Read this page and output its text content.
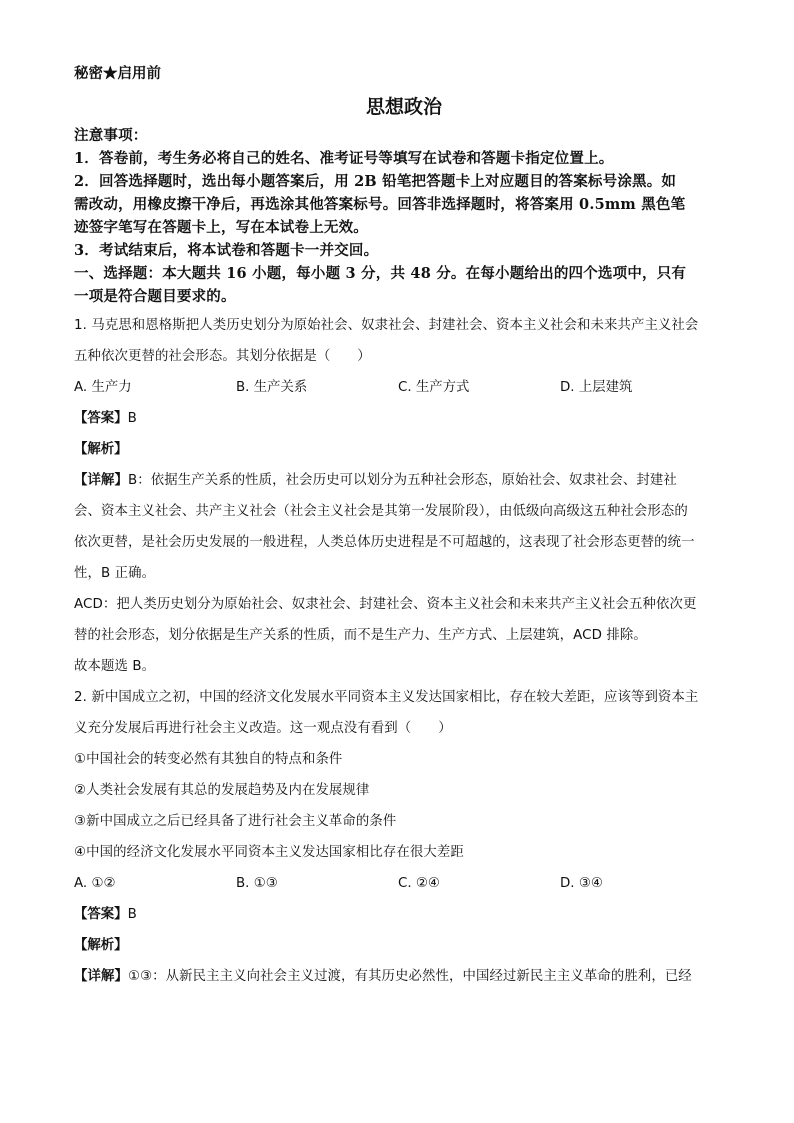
秘密★启用前
思想政治
注意事项：
1．答卷前，考生务必将自己的姓名、准考证号等填写在试卷和答题卡指定位置上。
2．回答选择题时，选出每小题答案后，用 2B 铅笔把答题卡上对应题目的答案标号涂黑。如
需改动，用橡皮擦干净后，再选涂其他答案标号。回答非选择题时，将答案用 0.5mm 黑色笔
迹签字笔写在答题卡上，写在本试卷上无效。
3．考试结束后，将本试卷和答题卡一并交回。
一、选择题：本大题共 16 小题，每小题 3 分，共 48 分。在每小题给出的四个选项中，只有
一项是符合题目要求的。
1. 马克思和恩格斯把人类历史划分为原始社会、奴隶社会、封建社会、资本主义社会和未来共产主义社会
五种依次更替的社会形态。其划分依据是（　　）
A. 生产力	B. 生产关系	C. 生产方式	D. 上层建筑
【答案】B
【解析】
【详解】B：依据生产关系的性质，社会历史可以划分为五种社会形态，原始社会、奴隶社会、封建社
会、资本主义社会、共产主义社会（社会主义社会是其第一发展阶段），由低级向高级这五种社会形态的
依次更替，是社会历史发展的一般进程，人类总体历史进程是不可超越的，这表现了社会形态更替的统一
性，B 正确。
ACD：把人类历史划分为原始社会、奴隶社会、封建社会、资本主义社会和未来共产主义社会五种依次更
替的社会形态，划分依据是生产关系的性质，而不是生产力、生产方式、上层建筑，ACD 排除。
故本题选 B。
2. 新中国成立之初，中国的经济文化发展水平同资本主义发达国家相比，存在较大差距，应该等到资本主
义充分发展后再进行社会主义改造。这一观点没有看到（　　）
①中国社会的转变必然有其独自的特点和条件
②人类社会发展有其总的发展趋势及内在发展规律
③新中国成立之后已经具备了进行社会主义革命的条件
④中国的经济文化发展水平同资本主义发达国家相比存在很大差距
A. ①②	B. ①③	C. ②④	D. ③④
【答案】B
【解析】
【详解】①③：从新民主主义向社会主义过渡，有其历史必然性，中国经过新民主主义革命的胜利，已经
